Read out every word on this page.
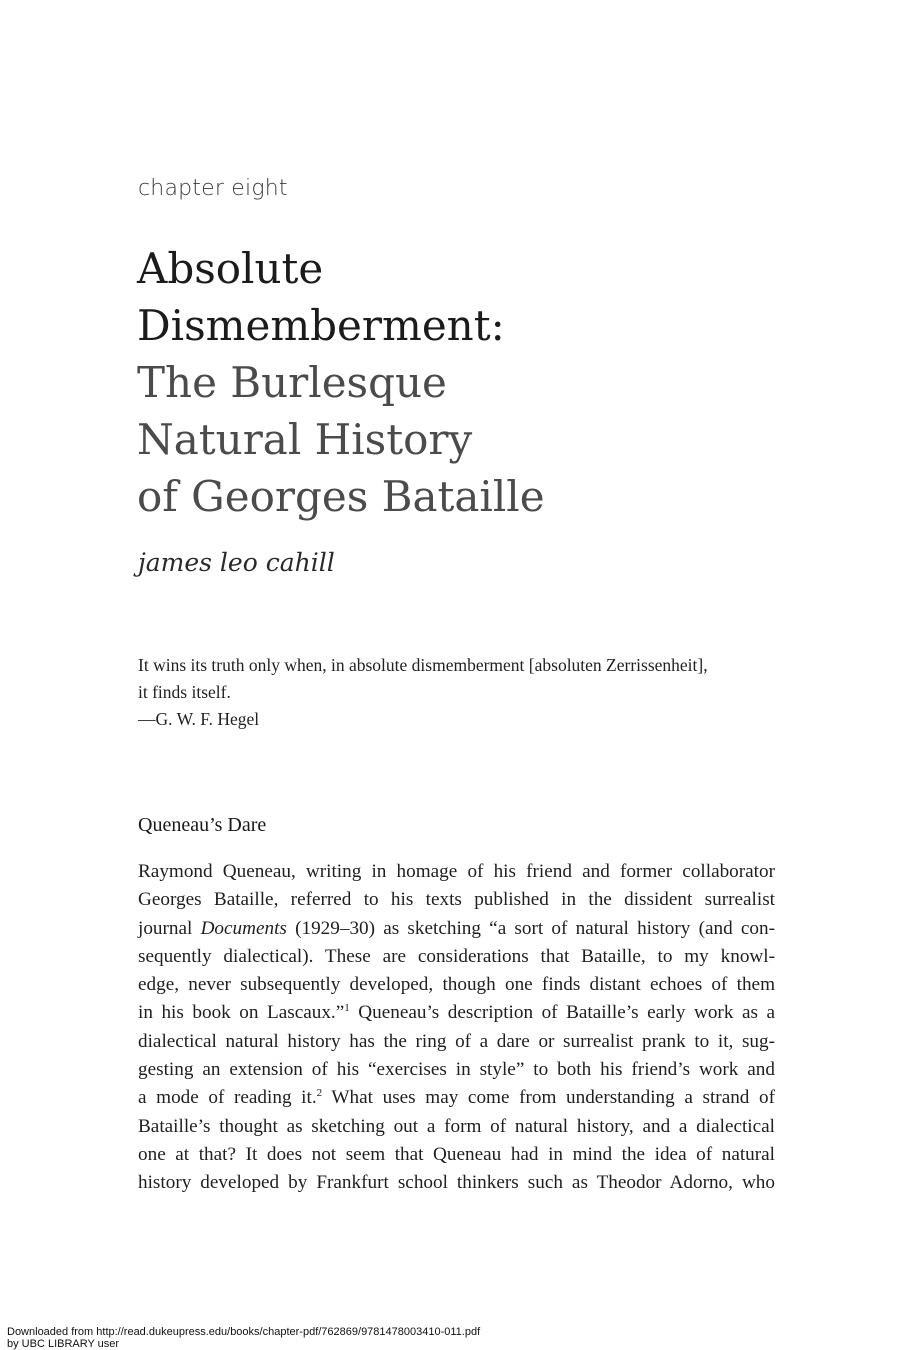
chapter eight
Absolute
Dismemberment:
The Burlesque
Natural History
of Georges Bataille
james leo cahill
It wins its truth only when, in absolute dismemberment [absoluten Zerrissenheit],
it finds itself.
—G. W. F. Hegel
Queneau’s Dare
Raymond Queneau, writing in homage of his friend and former collaborator
Georges Bataille, referred to his texts published in the dissident surrealist
journal Documents (1929–30) as sketching “a sort of natural history (and con-
sequently dialectical). These are considerations that Bataille, to my knowl-
edge, never subsequently developed, though one finds distant echoes of them
in his book on Lascaux.”$^1$ Queneau’s description of Bataille’s early work as a
dialectical natural history has the ring of a dare or surrealist prank to it, sug-
gesting an extension of his “exercises in style” to both his friend’s work and
a mode of reading it.$^2$ What uses may come from understanding a strand of
Bataille’s thought as sketching out a form of natural history, and a dialectical
one at that? It does not seem that Queneau had in mind the idea of natural
history developed by Frankfurt school thinkers such as Theodor Adorno, who
Downloaded from http://read.dukeupress.edu/books/chapter-pdf/762869/9781478003410-011.pdf
by UBC LIBRARY user
